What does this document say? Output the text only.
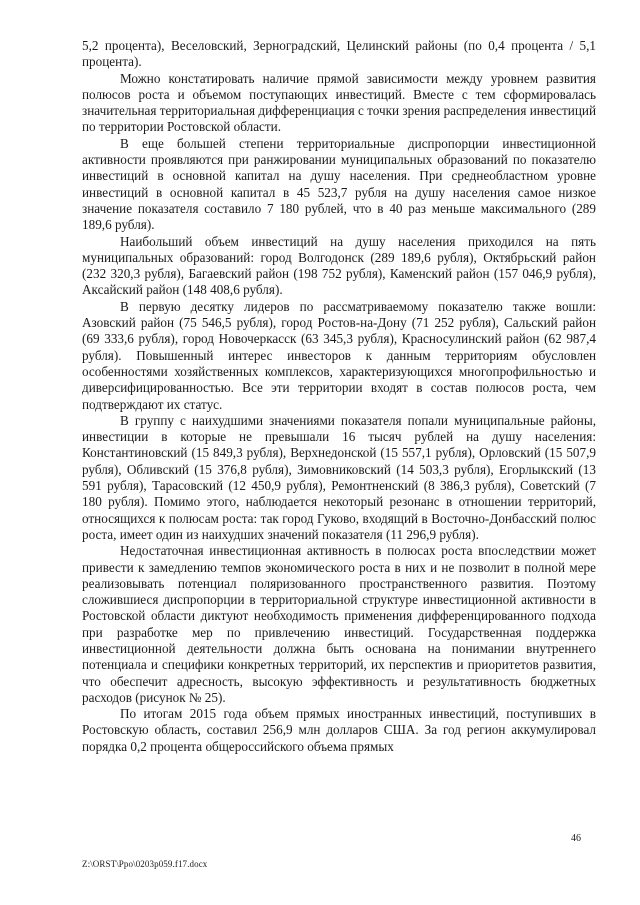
5,2 процента), Веселовский, Зерноградский, Целинский районы (по 0,4 процента / 5,1 процента).

Можно констатировать наличие прямой зависимости между уровнем развития полюсов роста и объемом поступающих инвестиций. Вместе с тем сформировалась значительная территориальная дифференциация с точки зрения распределения инвестиций по территории Ростовской области.

В еще большей степени территориальные диспропорции инвестиционной активности проявляются при ранжировании муниципальных образований по показателю инвестиций в основной капитал на душу населения. При среднеобластном уровне инвестиций в основной капитал в 45 523,7 рубля на душу населения самое низкое значение показателя составило 7 180 рублей, что в 40 раз меньше максимального (289 189,6 рубля).

Наибольший объем инвестиций на душу населения приходился на пять муниципальных образований: город Волгодонск (289 189,6 рубля), Октябрьский район (232 320,3 рубля), Багаевский район (198 752 рубля), Каменский район (157 046,9 рубля), Аксайский район (148 408,6 рубля).

В первую десятку лидеров по рассматриваемому показателю также вошли: Азовский район (75 546,5 рубля), город Ростов-на-Дону (71 252 рубля), Сальский район (69 333,6 рубля), город Новочеркасск (63 345,3 рубля), Красносулинский район (62 987,4 рубля). Повышенный интерес инвесторов к данным территориям обусловлен особенностями хозяйственных комплексов, характеризующихся многопрофильностью и диверсифицированностью. Все эти территории входят в состав полюсов роста, чем подтверждают их статус.

В группу с наихудшими значениями показателя попали муниципальные районы, инвестиции в которые не превышали 16 тысяч рублей на душу населения: Константиновский (15 849,3 рубля), Верхнедонской (15 557,1 рубля), Орловский (15 507,9 рубля), Обливский (15 376,8 рубля), Зимовниковский (14 503,3 рубля), Егорлыкский (13 591 рубля), Тарасовский (12 450,9 рубля), Ремонтненский (8 386,3 рубля), Советский (7 180 рубля). Помимо этого, наблюдается некоторый резонанс в отношении территорий, относящихся к полюсам роста: так город Гуково, входящий в Восточно-Донбасский полюс роста, имеет один из наихудших значений показателя (11 296,9 рубля).

Недостаточная инвестиционная активность в полюсах роста впоследствии может привести к замедлению темпов экономического роста в них и не позволит в полной мере реализовывать потенциал поляризованного пространственного развития. Поэтому сложившиеся диспропорции в территориальной структуре инвестиционной активности в Ростовской области диктуют необходимость применения дифференцированного подхода при разработке мер по привлечению инвестиций. Государственная поддержка инвестиционной деятельности должна быть основана на понимании внутреннего потенциала и специфики конкретных территорий, их перспектив и приоритетов развития, что обеспечит адресность, высокую эффективность и результативность бюджетных расходов (рисунок № 25).

По итогам 2015 года объем прямых иностранных инвестиций, поступивших в Ростовскую область, составил 256,9 млн долларов США. За год регион аккумулировал порядка 0,2 процента общероссийского объема прямых

46
Z:\ORST\Ppo\0203p059.f17.docx
